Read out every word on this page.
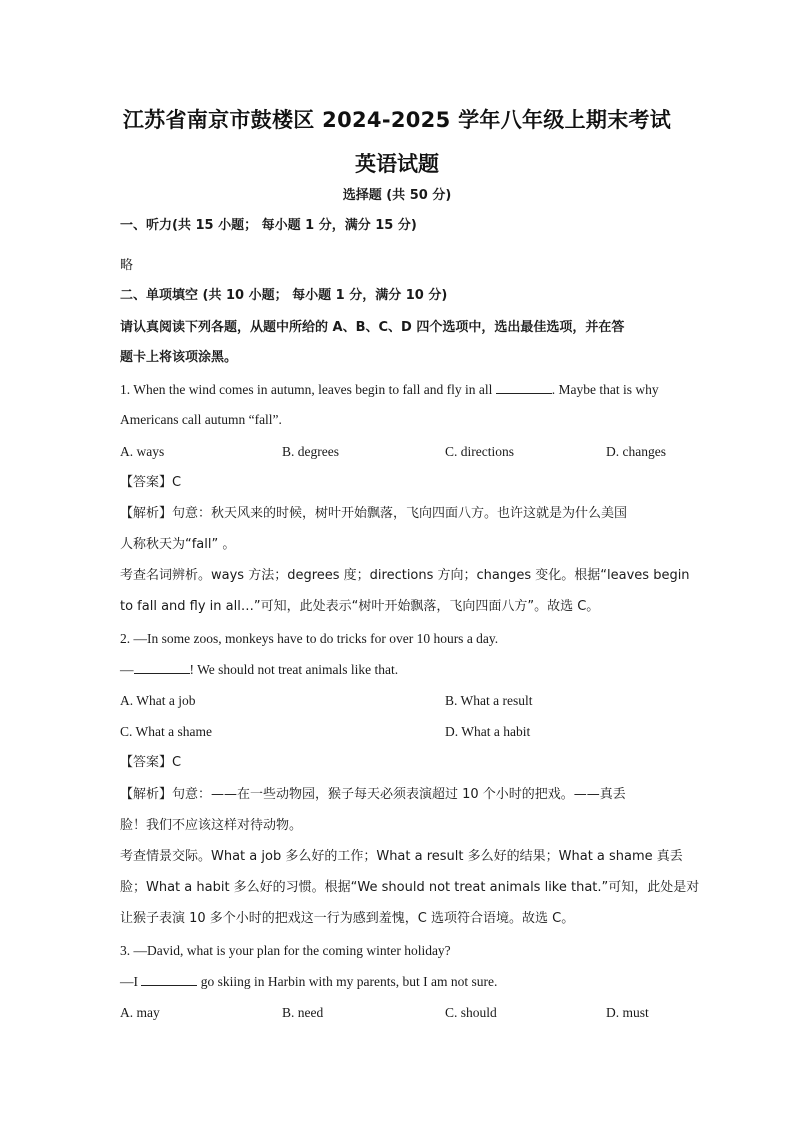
江苏省南京市鼓楼区 2024-2025 学年八年级上期末考试
英语试题
选择题 (共 50 分)
一、听力(共 15 小题； 每小题 1 分，满分 15 分)
略
二、单项填空 (共 10 小题； 每小题 1 分，满分 10 分)
请认真阅读下列各题，从题中所给的 A、B、C、D 四个选项中，选出最佳选项，并在答
题卡上将该项涂黑。
1. When the wind comes in autumn, leaves begin to fall and fly in all	. Maybe that is why
Americans call autumn “fall”.
A. ways	B. degrees	C. directions	D. changes
【答案】C
【解析】句意：秋天风来的时候，树叶开始飘落，飞向四面八方。也许这就是为什么美国
人称秋天为“fall” 。
考查名词辨析。ways 方法；degrees 度；directions 方向；changes 变化。根据“leaves begin
to fall and fly in all…”可知，此处表示“树叶开始飘落，飞向四面八方”。故选 C。
2. —In some zoos, monkeys have to do tricks for over 10 hours a day.
—	! We should not treat animals like that.
A. What a job	B. What a result
C. What a shame	D. What a habit
【答案】C
【解析】句意：——在一些动物园，猴子每天必须表演超过 10 个小时的把戏。——真丢
脸！我们不应该这样对待动物。
考查情景交际。What a job 多么好的工作；What a result 多么好的结果；What a shame 真丢
脸；What a habit 多么好的习惯。根据“We should not treat animals like that.”可知，此处是对
让猴子表演 10 多个小时的把戏这一行为感到羞愧，C 选项符合语境。故选 C。
3. —David, what is your plan for the coming winter holiday?
—I	go skiing in Harbin with my parents, but I am not sure.
A. may	B. need	C. should	D. must
